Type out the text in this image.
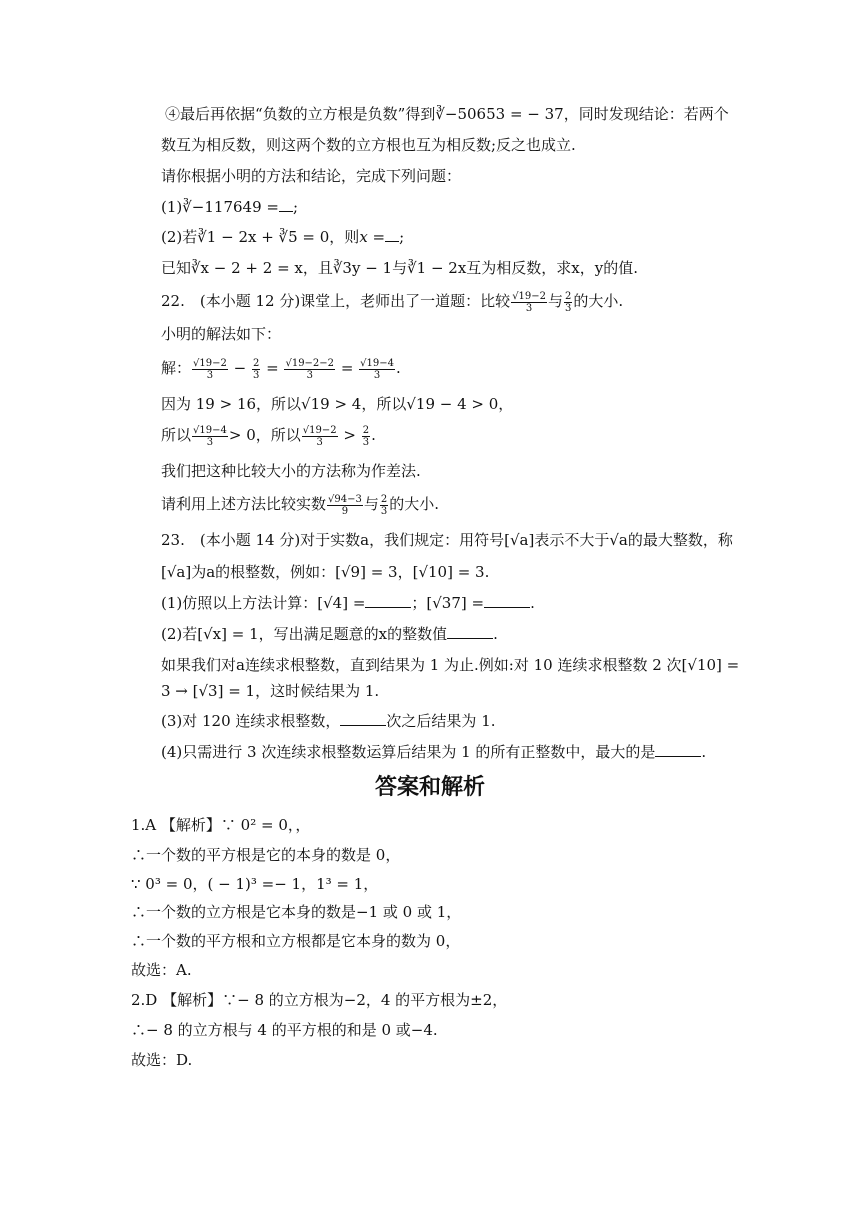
④最后再依据“负数的立方根是负数”得到∛−50653 = − 37，同时发现结论：若两个
数互为相反数，则这两个数的立方根也互为相反数;反之也成立.
请你根据小明的方法和结论，完成下列问题：
(1)∛−117649 = ;
(2)若∛1 − 2x + ∛5 = 0，则x = ;
已知∛x − 2 + 2 = x，且∛3y − 1与∛1 − 2x互为相反数，求x，y的值.
22.　(本小题 12 分)课堂上，老师出了一道题：比较 $\frac{√19-2}{3}$ 与 $\frac{2}{3}$ 的大小.
小明的解法如下：
解： $\frac{√19-2}{3} - \frac{2}{3} = \frac{√19-2-2}{3} = \frac{√19-4}{3}$ .
因为 19 > 16，所以√19 > 4，所以√19 − 4 > 0，
所以 $\frac{√19-4}{3} > 0$，所以 $\frac{√19-2}{3} > \frac{2}{3}$ .
我们把这种比较大小的方法称为作差法.
请利用上述方法比较实数 $\frac{√94-3}{9}$ 与 $\frac{2}{3}$ 的大小.
23.　(本小题 14 分)对于实数a，我们规定：用符号[√a]表示不大于√a的最大整数，称
[√a]为a的根整数，例如：[√9] = 3，[√10] = 3.
(1)仿照以上方法计算：[√4] =	；[√37] =	.
(2)若[√x] = 1，写出满足题意的x的整数值	.
如果我们对a连续求根整数，直到结果为 1 为止.例如:对 10 连续求根整数 2 次[√10] =
3 → [√3] = 1，这时候结果为 1.
(3)对 120 连续求根整数，	次之后结果为 1.
(4)只需进行 3 次连续求根整数运算后结果为 1 的所有正整数中，最大的是	.
答案和解析
1.A 【解析】∵ 0² = 0，，
∴一个数的平方根是它的本身的数是 0，
∵ 0³ = 0，( − 1)³ =− 1，1³ = 1，
∴一个数的立方根是它本身的数是−1 或 0 或 1，
∴一个数的平方根和立方根都是它本身的数为 0，
故选：A.
2.D 【解析】∵− 8 的立方根为−2，4 的平方根为±2，
∴− 8 的立方根与 4 的平方根的和是 0 或−4.
故选：D.
